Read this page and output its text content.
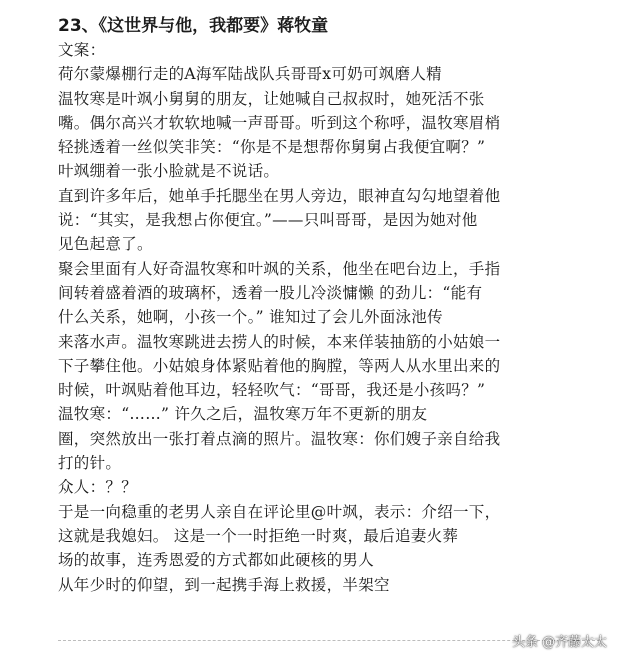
23、《这世界与他，我都要》蒋牧童
文案：
荷尔蒙爆棚行走的A海军陆战队兵哥哥x可奶可飒磨人精
温牧寒是叶飒小舅舅的朋友，让她喊自己叔叔时，她死活不张
嘴。偶尔高兴才软软地喊一声哥哥。听到这个称呼，温牧寒眉梢
轻挑透着一丝似笑非笑：“你是不是想帮你舅舅占我便宜啊？”
叶飒绷着一张小脸就是不说话。
直到许多年后，她单手托腮坐在男人旁边，眼神直勾勾地望着他
说：“其实，是我想占你便宜。”——只叫哥哥，是因为她对他
见色起意了。
聚会里面有人好奇温牧寒和叶飒的关系，他坐在吧台边上，手指
间转着盛着酒的玻璃杯，透着一股儿冷淡慵懒 的劲儿：“能有
什么关系，她啊，小孩一个。” 谁知过了会儿外面泳池传
来落水声。温牧寒跳进去捞人的时候，本来佯装抽筋的小姑娘一
下子攀住他。小姑娘身体紧贴着他的胸膛，等两人从水里出来的
时候，叶飒贴着他耳边，轻轻吹气：“哥哥，我还是小孩吗？”
温牧寒：“……” 许久之后，温牧寒万年不更新的朋友
圈，突然放出一张打着点滴的照片。温牧寒：你们嫂子亲自给我
打的针。
众人：？？
于是一向稳重的老男人亲自在评论里@叶飒，表示：介绍一下，
这就是我媳妇。 这是一个一时拒绝一时爽，最后追妻火葬
场的故事，连秀恩爱的方式都如此硬核的男人
从年少时的仰望，到一起携手海上救援，半架空
头条 @齐藤太太
